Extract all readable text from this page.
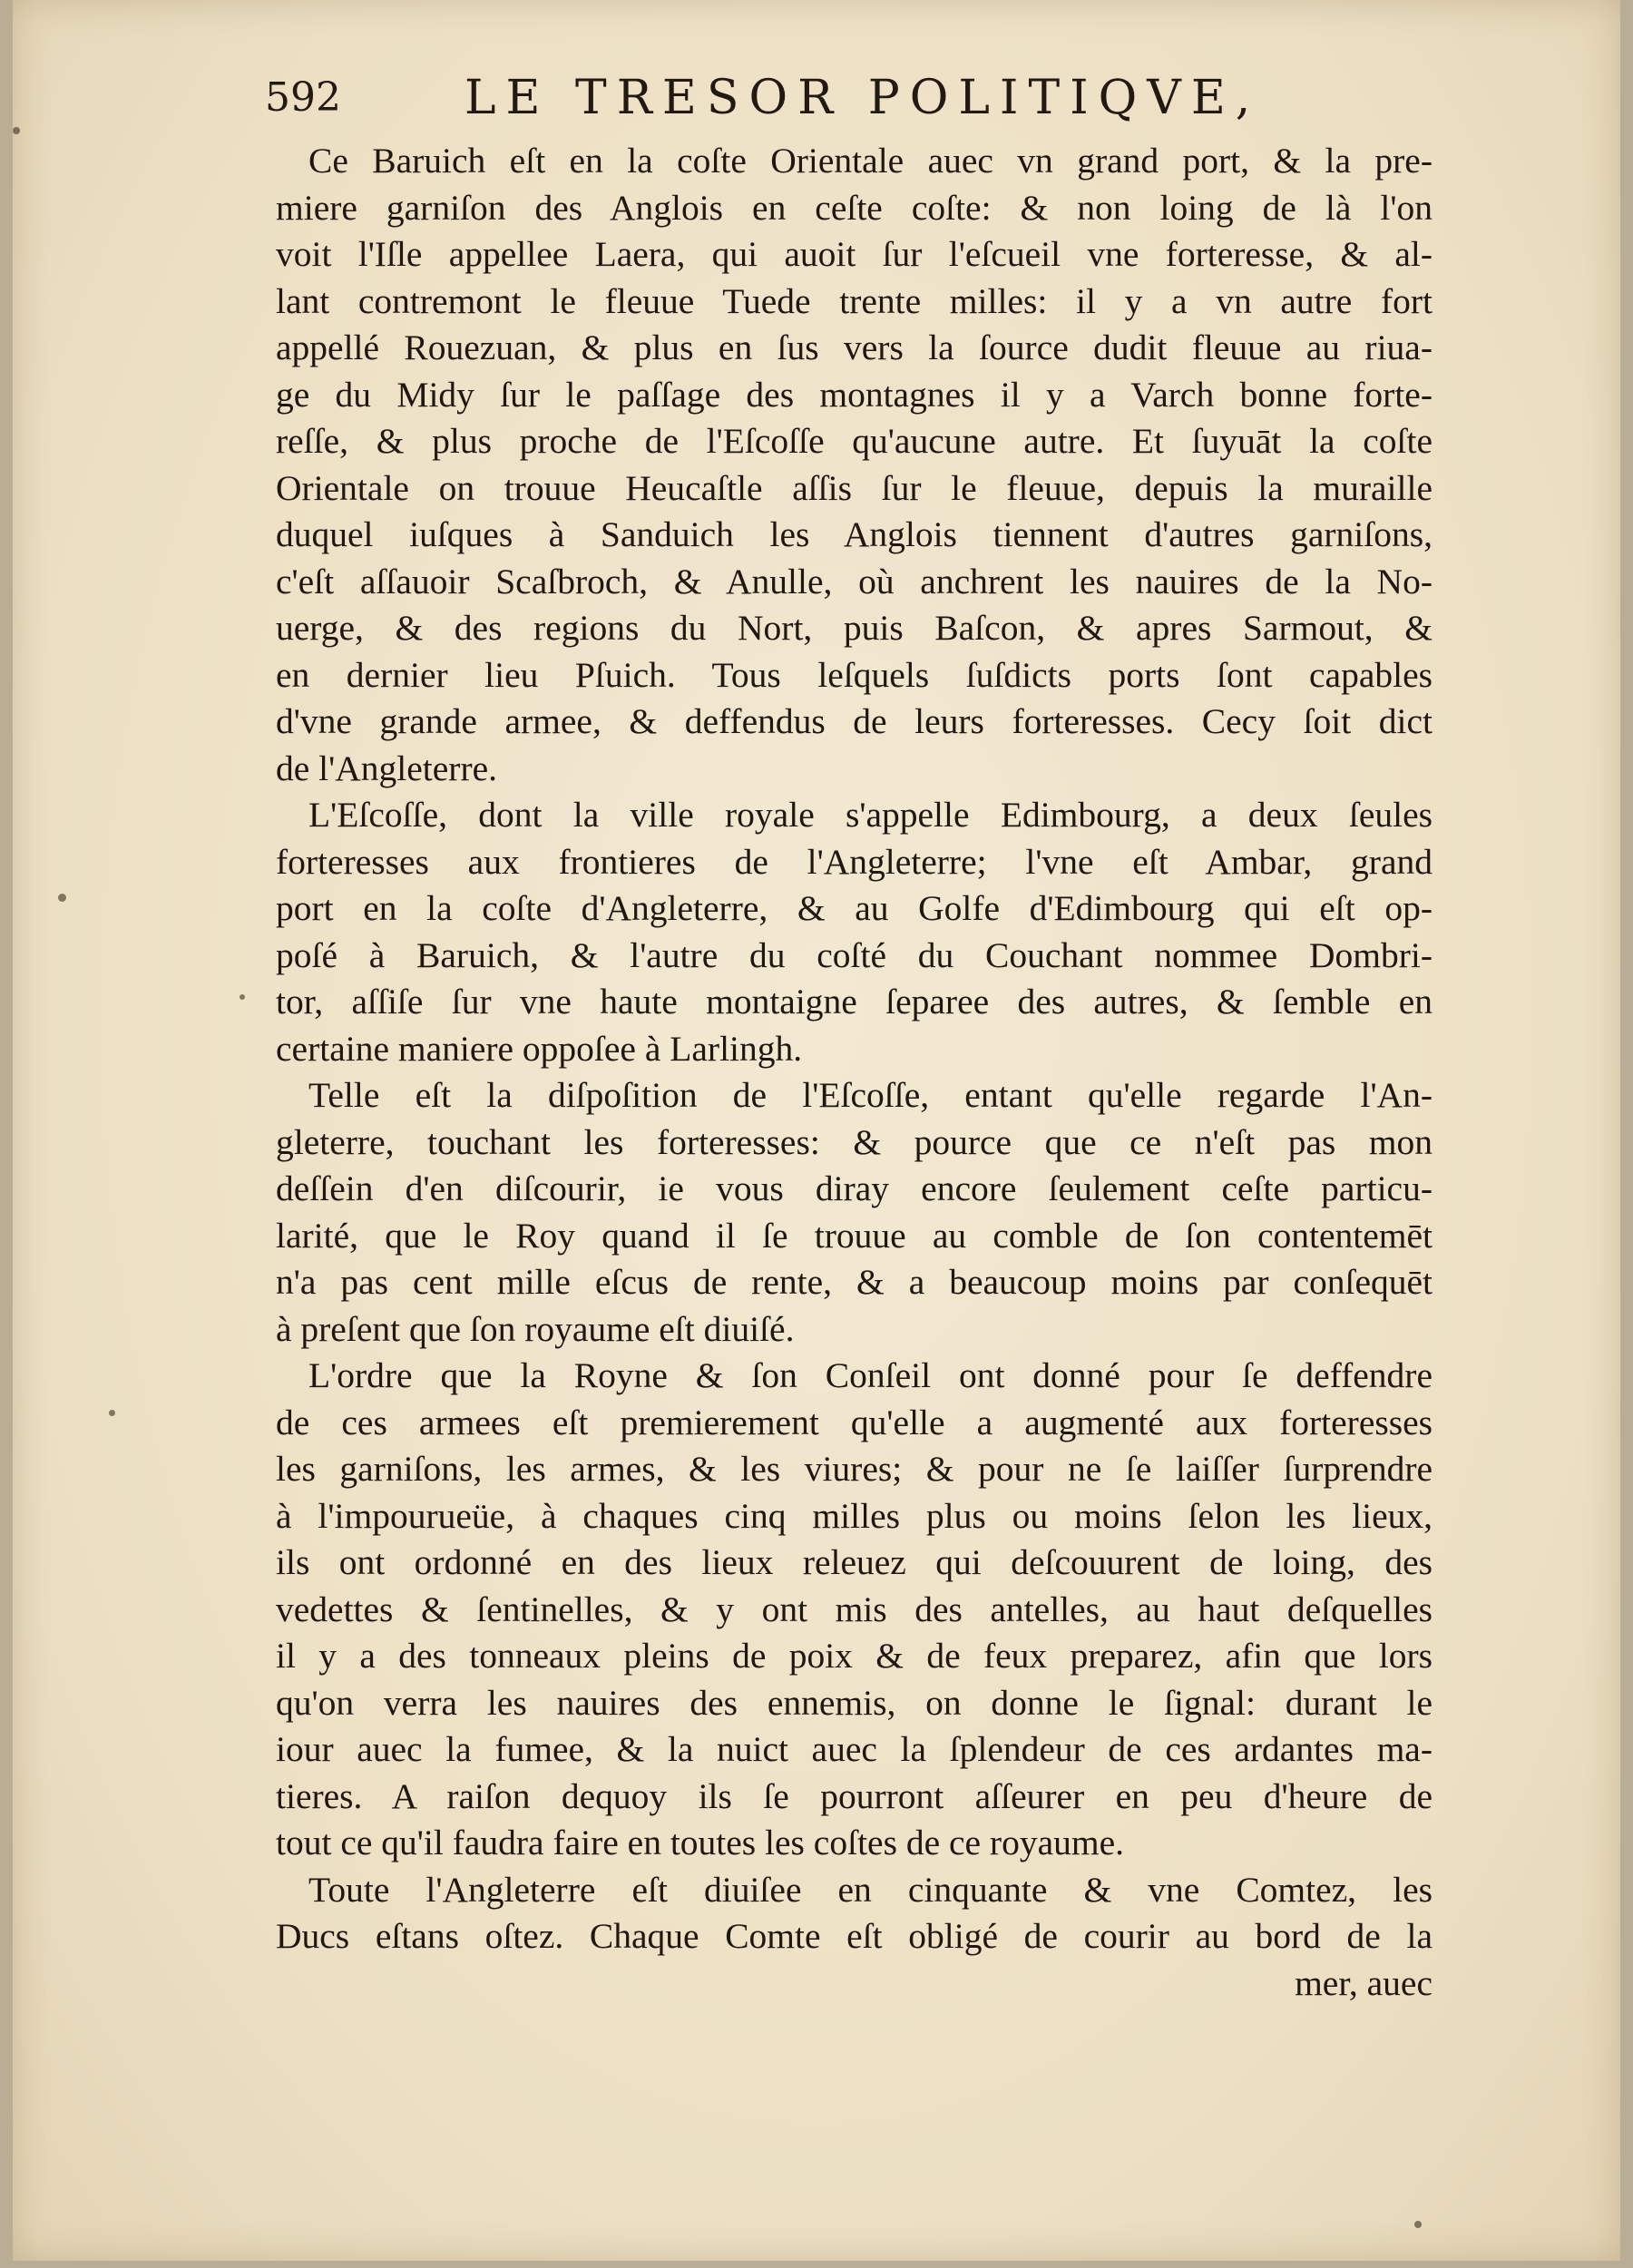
592	LE TRESOR POLITIQVE,
Ce Baruich eſt en la coſte Orientale auec vn grand port, & la pre-
miere garniſon des Anglois en ceſte coſte: & non loing de là l'on
voit l'Iſle appellee Laera, qui auoit ſur l'eſcueil vne forteresse, & al-
lant contremont le fleuue Tuede trente milles: il y a vn autre fort
appellé Rouezuan, & plus en ſus vers la ſource dudit fleuue au riua-
ge du Midy ſur le paſſage des montagnes il y a Varch bonne forte-
reſſe, & plus proche de l'Eſcoſſe qu'aucune autre. Et ſuyuāt la coſte
Orientale on trouue Heucaſtle aſſis ſur le fleuue, depuis la muraille
duquel iuſques à Sanduich les Anglois tiennent d'autres garniſons,
c'eſt aſſauoir Scaſbroch, & Anulle, où anchrent les nauires de la No-
uerge, & des regions du Nort, puis Baſcon, & apres Sarmout, &
en dernier lieu Pſuich. Tous leſquels ſuſdicts ports ſont capables
d'vne grande armee, & deffendus de leurs forteresses. Cecy ſoit dict
de l'Angleterre.
L'Eſcoſſe, dont la ville royale s'appelle Edimbourg, a deux ſeules
forteresses aux frontieres de l'Angleterre; l'vne eſt Ambar, grand
port en la coſte d'Angleterre, & au Golfe d'Edimbourg qui eſt op-
poſé à Baruich, & l'autre du coſté du Couchant nommee Dombri-
tor, aſſiſe ſur vne haute montaigne ſeparee des autres, & ſemble en
certaine maniere oppoſee à Larlingh.
Telle eſt la diſpoſition de l'Eſcoſſe, entant qu'elle regarde l'An-
gleterre, touchant les forteresses: & pource que ce n'eſt pas mon
deſſein d'en diſcourir, ie vous diray encore ſeulement ceſte particu-
larité, que le Roy quand il ſe trouue au comble de ſon contentemēt
n'a pas cent mille eſcus de rente, & a beaucoup moins par conſequēt
à preſent que ſon royaume eſt diuiſé.
L'ordre que la Royne & ſon Conſeil ont donné pour ſe deffendre
de ces armees eſt premierement qu'elle a augmenté aux forteresses
les garniſons, les armes, & les viures; & pour ne ſe laiſſer ſurprendre
à l'impourueüe, à chaques cinq milles plus ou moins ſelon les lieux,
ils ont ordonné en des lieux releuez qui deſcouurent de loing, des
vedettes & ſentinelles, & y ont mis des antelles, au haut deſquelles
il y a des tonneaux pleins de poix & de feux preparez, afin que lors
qu'on verra les nauires des ennemis, on donne le ſignal: durant le
iour auec la fumee, & la nuict auec la ſplendeur de ces ardantes ma-
tieres. A raiſon dequoy ils ſe pourront aſſeurer en peu d'heure de
tout ce qu'il faudra faire en toutes les coſtes de ce royaume.
Toute l'Angleterre eſt diuiſee en cinquante & vne Comtez, les
Ducs eſtans oſtez. Chaque Comte eſt obligé de courir au bord de la
mer, auec
